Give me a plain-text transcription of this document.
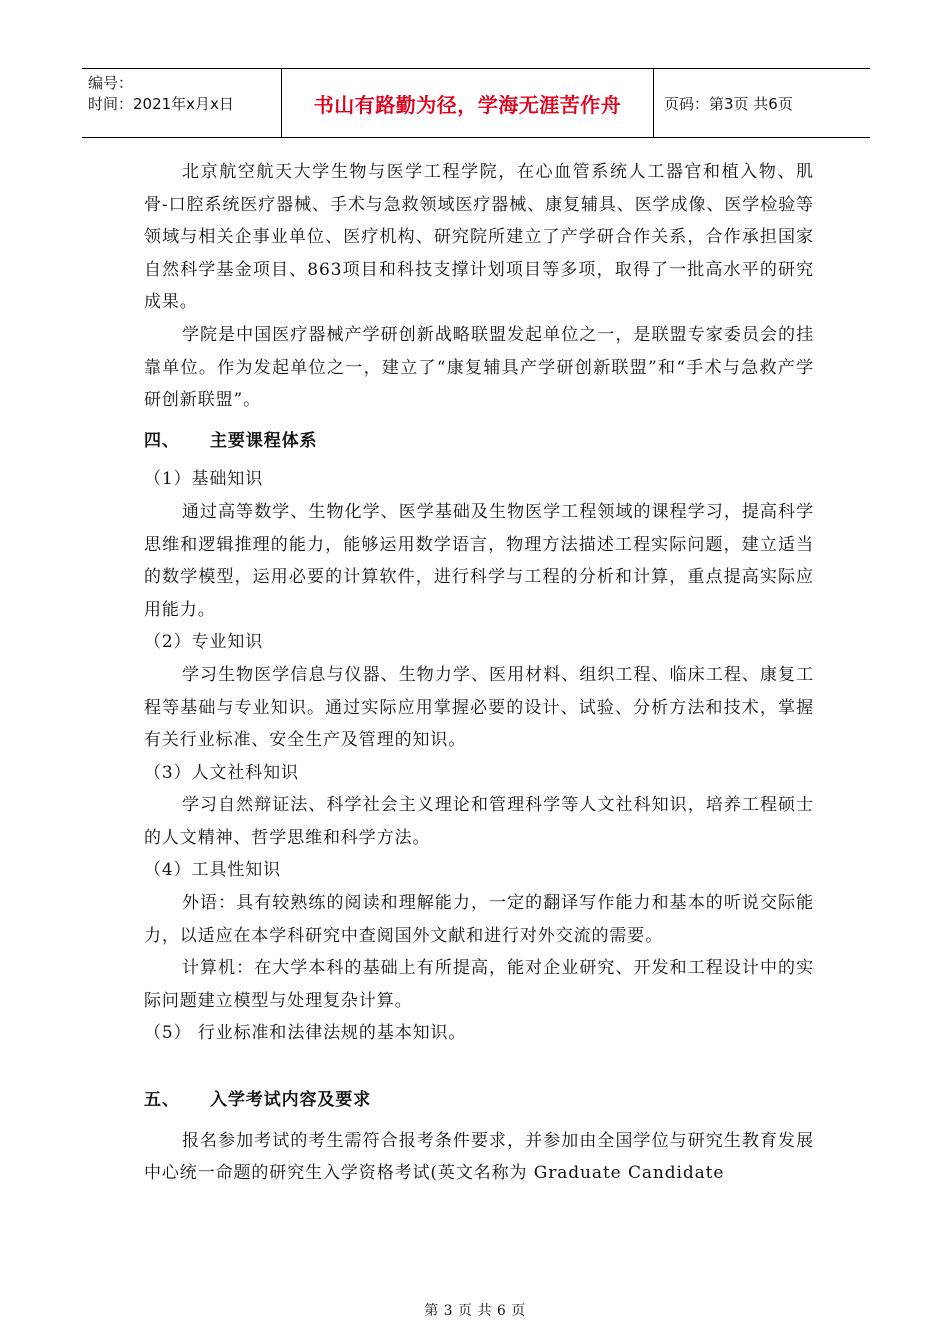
编号：
时间：2021年x月x日	书山有路勤为径，学海无涯苦作舟	页码：第3页 共6页

北京航空航天大学生物与医学工程学院，在心血管系统人工器官和植入物、肌骨-口腔系统医疗器械、手术与急救领域医疗器械、康复辅具、医学成像、医学检验等领域与相关企事业单位、医疗机构、研究院所建立了产学研合作关系，合作承担国家自然科学基金项目、863项目和科技支撑计划项目等多项，取得了一批高水平的研究成果。

学院是中国医疗器械产学研创新战略联盟发起单位之一，是联盟专家委员会的挂靠单位。作为发起单位之一，建立了“康复辅具产学研创新联盟”和“手术与急救产学研创新联盟”。

四、 主要课程体系

（1）基础知识

通过高等数学、生物化学、医学基础及生物医学工程领域的课程学习，提高科学思维和逻辑推理的能力，能够运用数学语言，物理方法描述工程实际问题，建立适当的数学模型，运用必要的计算软件，进行科学与工程的分析和计算，重点提高实际应用能力。

（2）专业知识

学习生物医学信息与仪器、生物力学、医用材料、组织工程、临床工程、康复工程等基础与专业知识。通过实际应用掌握必要的设计、试验、分析方法和技术，掌握有关行业标准、安全生产及管理的知识。

（3）人文社科知识

学习自然辩证法、科学社会主义理论和管理科学等人文社科知识，培养工程硕士的人文精神、哲学思维和科学方法。

（4）工具性知识

外语：具有较熟练的阅读和理解能力，一定的翻译写作能力和基本的听说交际能力，以适应在本学科研究中查阅国外文献和进行对外交流的需要。

计算机：在大学本科的基础上有所提高，能对企业研究、开发和工程设计中的实际问题建立模型与处理复杂计算。

（5） 行业标准和法律法规的基本知识。

五、 入学考试内容及要求

报名参加考试的考生需符合报考条件要求，并参加由全国学位与研究生教育发展中心统一命题的研究生入学资格考试(英文名称为 Graduate Candidate

第 3 页 共 6 页
